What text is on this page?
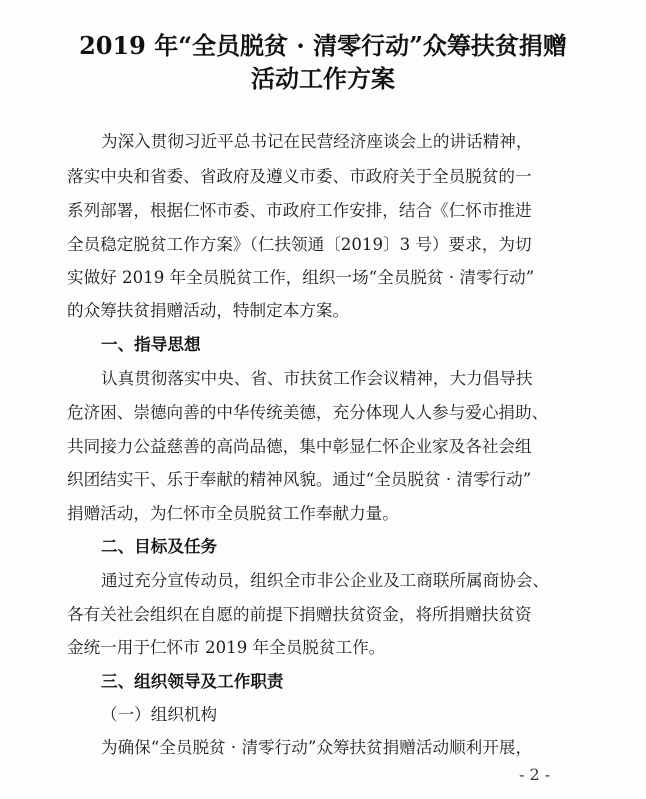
2019 年“全员脱贫 · 清零行动”众筹扶贫捐赠
活动工作方案
为深入贯彻习近平总书记在民营经济座谈会上的讲话精神，
落实中央和省委、省政府及遵义市委、市政府关于全员脱贫的一
系列部署，根据仁怀市委、市政府工作安排，结合《仁怀市推进
全员稳定脱贫工作方案》（仁扶领通〔2019〕3 号）要求，为切
实做好 2019 年全员脱贫工作，组织一场“全员脱贫 · 清零行动”
的众筹扶贫捐赠活动，特制定本方案。
一、指导思想
认真贯彻落实中央、省、市扶贫工作会议精神，大力倡导扶
危济困、崇德向善的中华传统美德，充分体现人人参与爱心捐助、
共同接力公益慈善的高尚品德，集中彰显仁怀企业家及各社会组
织团结实干、乐于奉献的精神风貌。通过“全员脱贫 · 清零行动”
捐赠活动，为仁怀市全员脱贫工作奉献力量。
二、目标及任务
通过充分宣传动员，组织全市非公企业及工商联所属商协会、
各有关社会组织在自愿的前提下捐赠扶贫资金，将所捐赠扶贫资
金统一用于仁怀市 2019 年全员脱贫工作。
三、组织领导及工作职责
（一）组织机构
为确保“全员脱贫 · 清零行动”众筹扶贫捐赠活动顺利开展，
- 2 -
